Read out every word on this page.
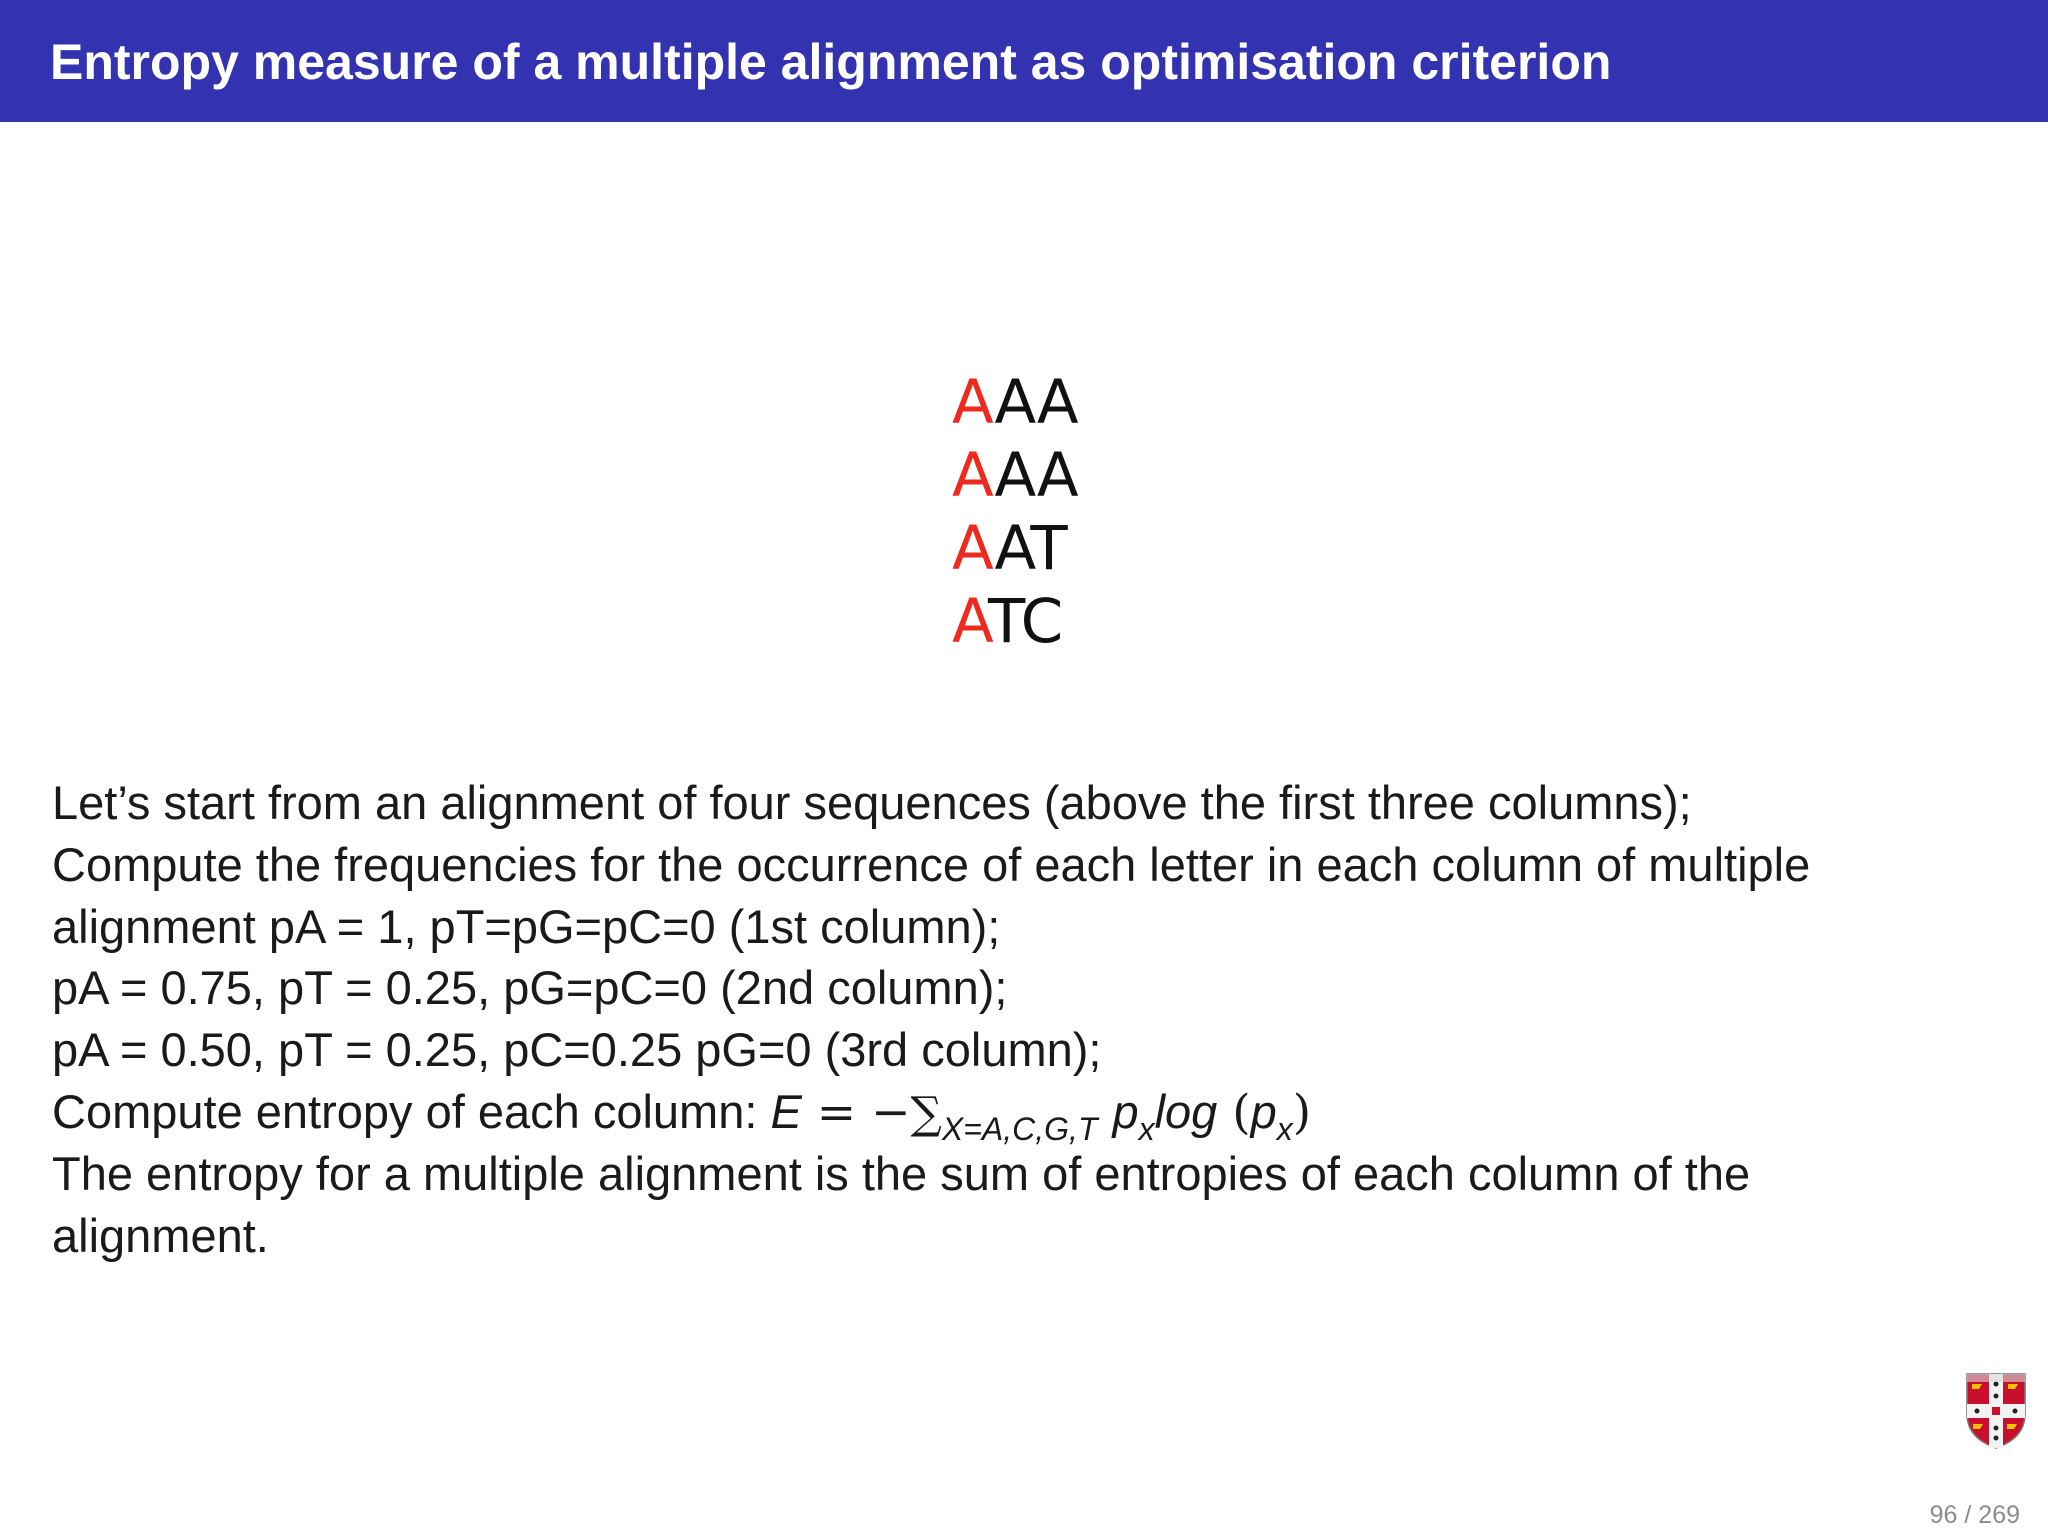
Entropy measure of a multiple alignment as optimisation criterion
AAA
AAA
AAT
ATC
Let’s start from an alignment of four sequences (above the first three columns);
Compute the frequencies for the occurrence of each letter in each column of multiple
alignment pA = 1, pT=pG=pC=0 (1st column);
pA = 0.75, pT = 0.25, pG=pC=0 (2nd column);
pA = 0.50, pT = 0.25, pC=0.25 pG=0 (3rd column);
Compute entropy of each column: $E = -\sum_{X=A,C,G,T}$ $p_x\log$ $(p_x)$
The entropy for a multiple alignment is the sum of entropies of each column of the
alignment.
96 / 269
